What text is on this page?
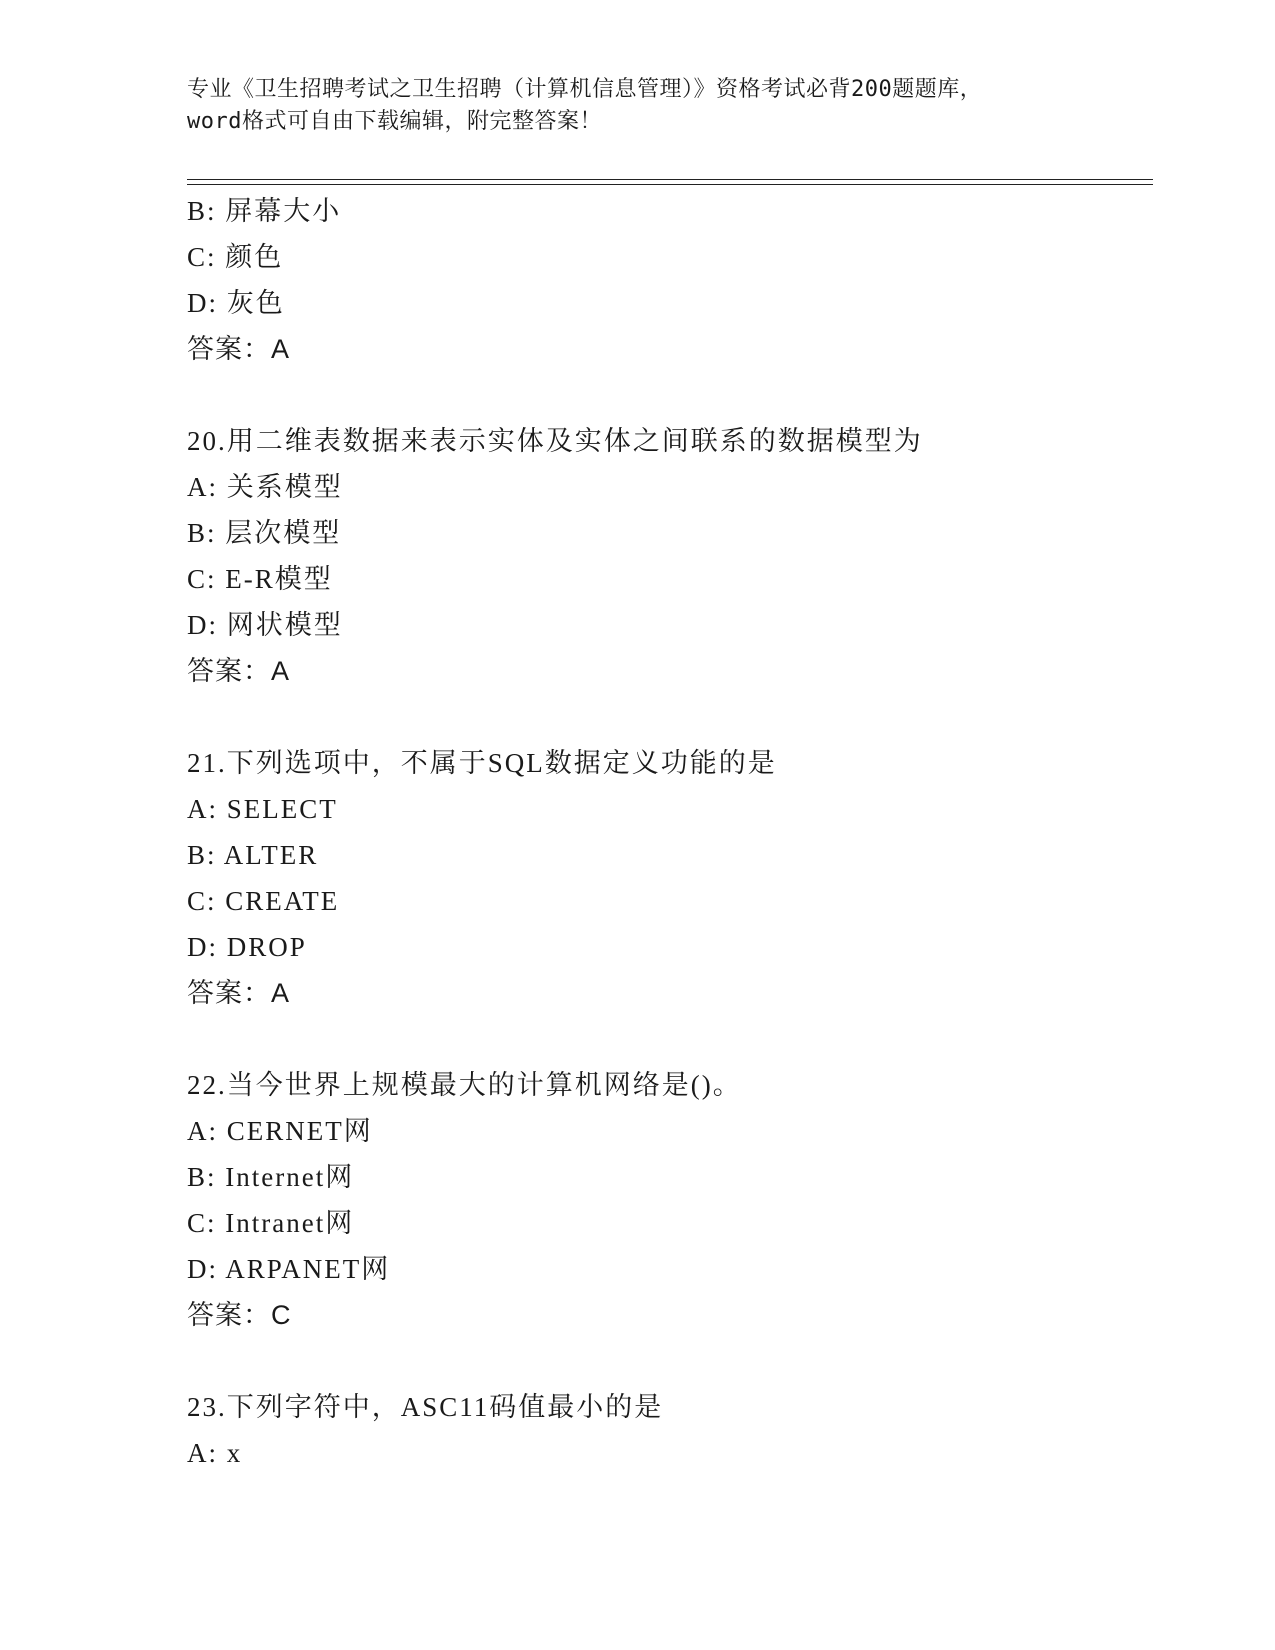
专业《卫生招聘考试之卫生招聘（计算机信息管理）》资格考试必背200题题库，
word格式可自由下载编辑，附完整答案！
B: 屏幕大小
C: 颜色
D: 灰色
答案：A
20.用二维表数据来表示实体及实体之间联系的数据模型为
A: 关系模型
B: 层次模型
C: E-R模型
D: 网状模型
答案：A
21.下列选项中，不属于SQL数据定义功能的是
A: SELECT
B: ALTER
C: CREATE
D: DROP
答案：A
22.当今世界上规模最大的计算机网络是()。
A: CERNET网
B: Internet网
C: Intranet网
D: ARPANET网
答案：C
23.下列字符中，ASC11码值最小的是
A: x
